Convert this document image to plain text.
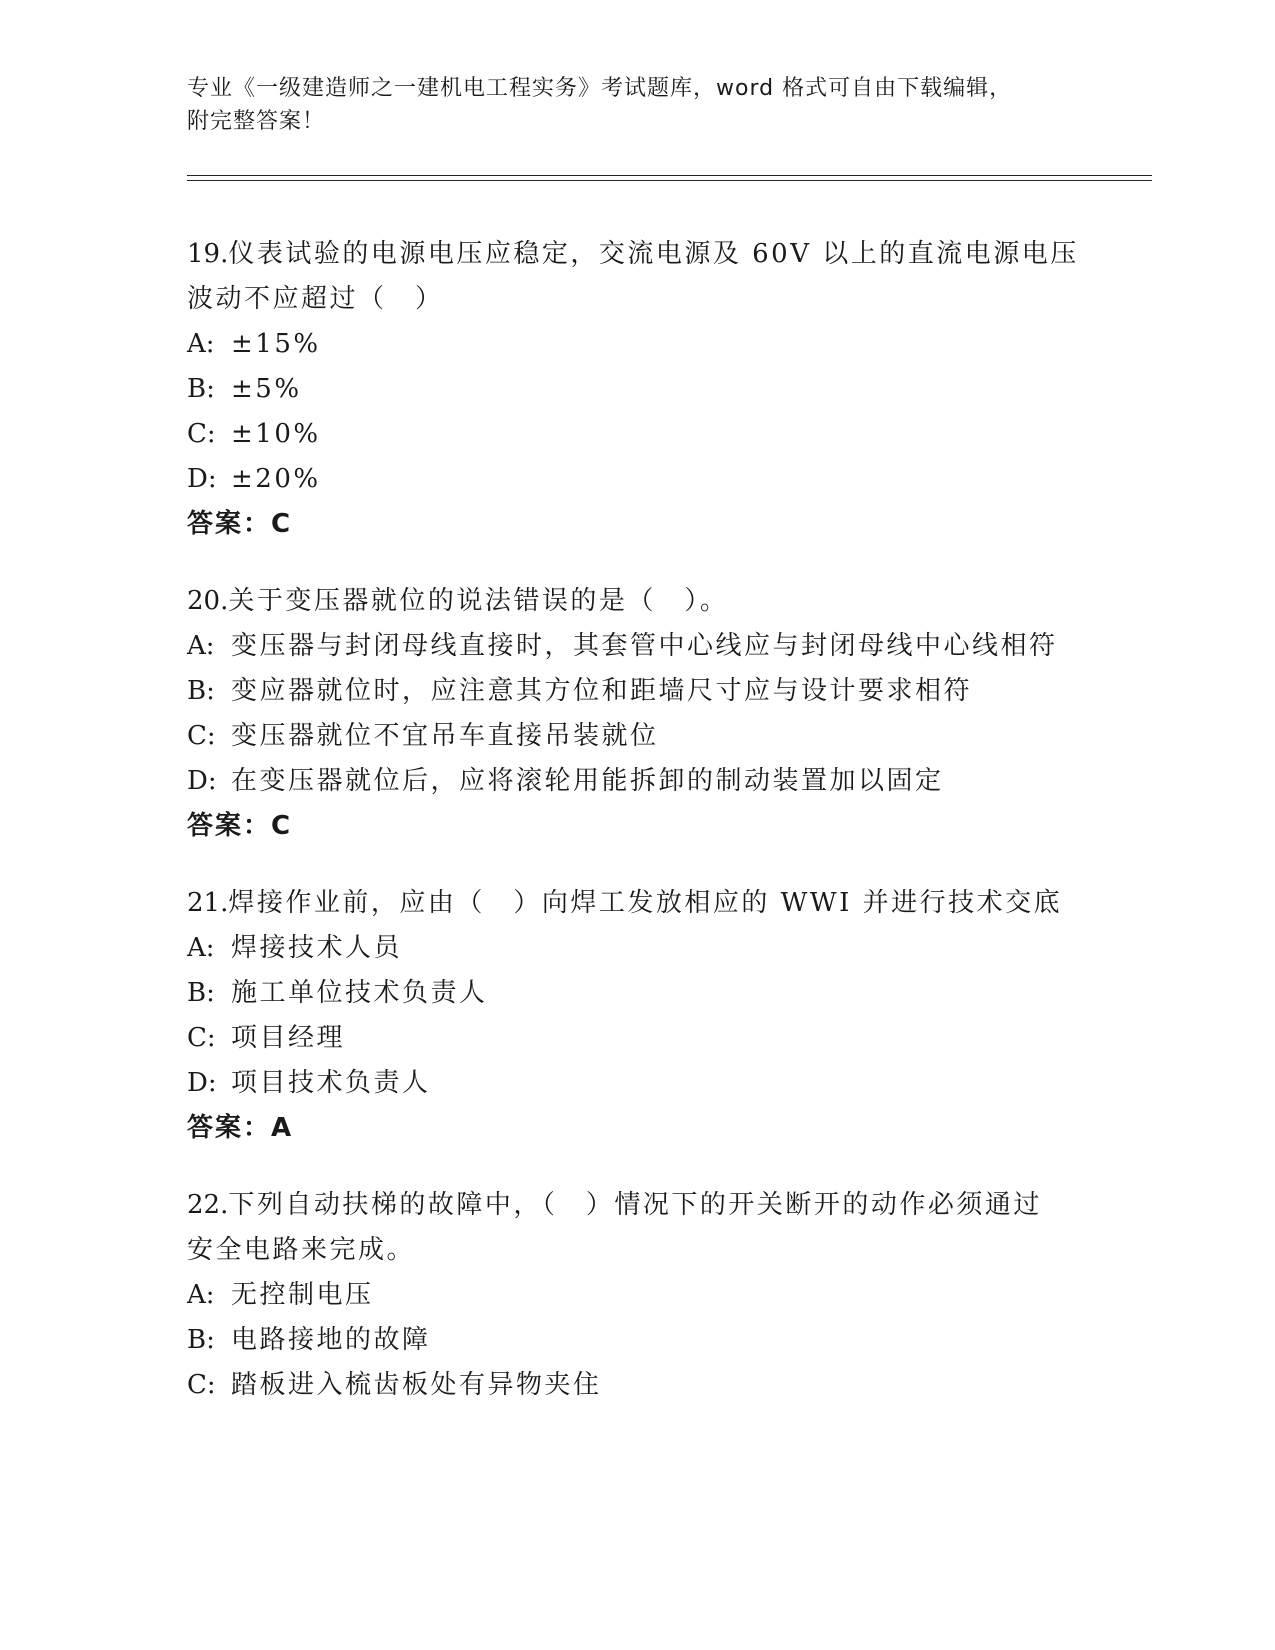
专业《一级建造师之一建机电工程实务》考试题库，word 格式可自由下载编辑，
附完整答案！
19.仪表试验的电源电压应稳定，交流电源及 60V 以上的直流电源电压
波动不应超过（　）
A: ±15%
B: ±5%
C: ±10%
D: ±20%
答案：C
20.关于变压器就位的说法错误的是（　）。
A: 变压器与封闭母线直接时，其套管中心线应与封闭母线中心线相符
B: 变应器就位时，应注意其方位和距墙尺寸应与设计要求相符
C: 变压器就位不宜吊车直接吊装就位
D: 在变压器就位后，应将滚轮用能拆卸的制动装置加以固定
答案：C
21.焊接作业前，应由（　）向焊工发放相应的 WWI 并进行技术交底
A: 焊接技术人员
B: 施工单位技术负责人
C: 项目经理
D: 项目技术负责人
答案：A
22.下列自动扶梯的故障中，（　）情况下的开关断开的动作必须通过
安全电路来完成。
A: 无控制电压
B: 电路接地的故障
C: 踏板进入梳齿板处有异物夹住
